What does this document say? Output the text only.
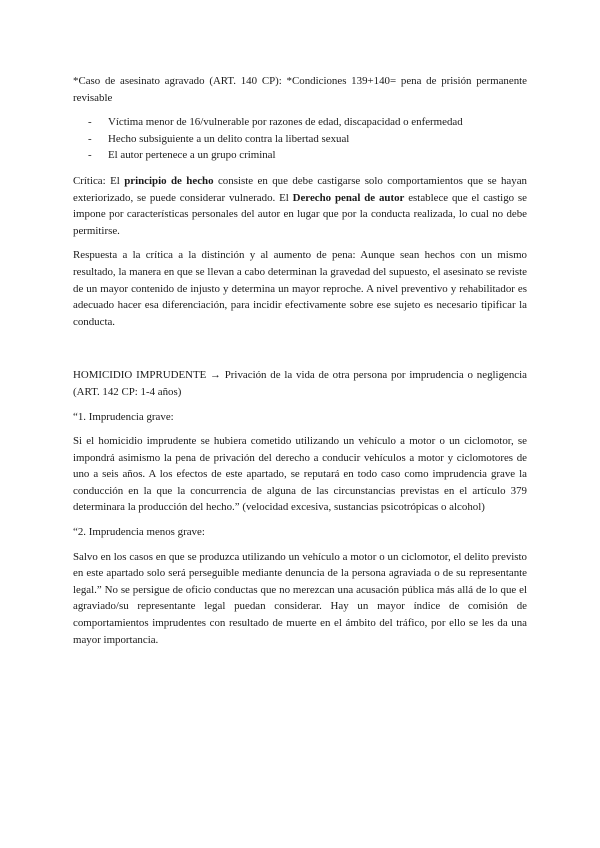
*Caso de asesinato agravado (ART. 140 CP): *Condiciones 139+140= pena de prisión permanente revisable

- Víctima menor de 16/vulnerable por razones de edad, discapacidad o enfermedad
- Hecho subsiguiente a un delito contra la libertad sexual
- El autor pertenece a un grupo criminal

Crítica: El principio de hecho consiste en que debe castigarse solo comportamientos que se hayan exteriorizado, se puede considerar vulnerado. El Derecho penal de autor establece que el castigo se impone por características personales del autor en lugar que por la conducta realizada, lo cual no debe permitirse.

Respuesta a la crítica a la distinción y al aumento de pena: Aunque sean hechos con un mismo resultado, la manera en que se llevan a cabo determinan la gravedad del supuesto, el asesinato se reviste de un mayor contenido de injusto y determina un mayor reproche. A nivel preventivo y rehabilitador es adecuado hacer esa diferenciación, para incidir efectivamente sobre ese sujeto es necesario tipificar la conducta.

HOMICIDIO IMPRUDENTE → Privación de la vida de otra persona por imprudencia o negligencia (ART. 142 CP: 1-4 años)

“1. Imprudencia grave:

Si el homicidio imprudente se hubiera cometido utilizando un vehículo a motor o un ciclomotor, se impondrá asimismo la pena de privación del derecho a conducir vehículos a motor y ciclomotores de uno a seis años. A los efectos de este apartado, se reputará en todo caso como imprudencia grave la conducción en la que la concurrencia de alguna de las circunstancias previstas en el artículo 379 determinara la producción del hecho.” (velocidad excesiva, sustancias psicotrópicas o alcohol)

“2. Imprudencia menos grave:

Salvo en los casos en que se produzca utilizando un vehículo a motor o un ciclomotor, el delito previsto en este apartado solo será perseguible mediante denuncia de la persona agraviada o de su representante legal.” No se persigue de oficio conductas que no merezcan una acusación pública más allá de lo que el agraviado/su representante legal puedan considerar. Hay un mayor índice de comisión de comportamientos imprudentes con resultado de muerte en el ámbito del tráfico, por ello se les da una mayor importancia.
